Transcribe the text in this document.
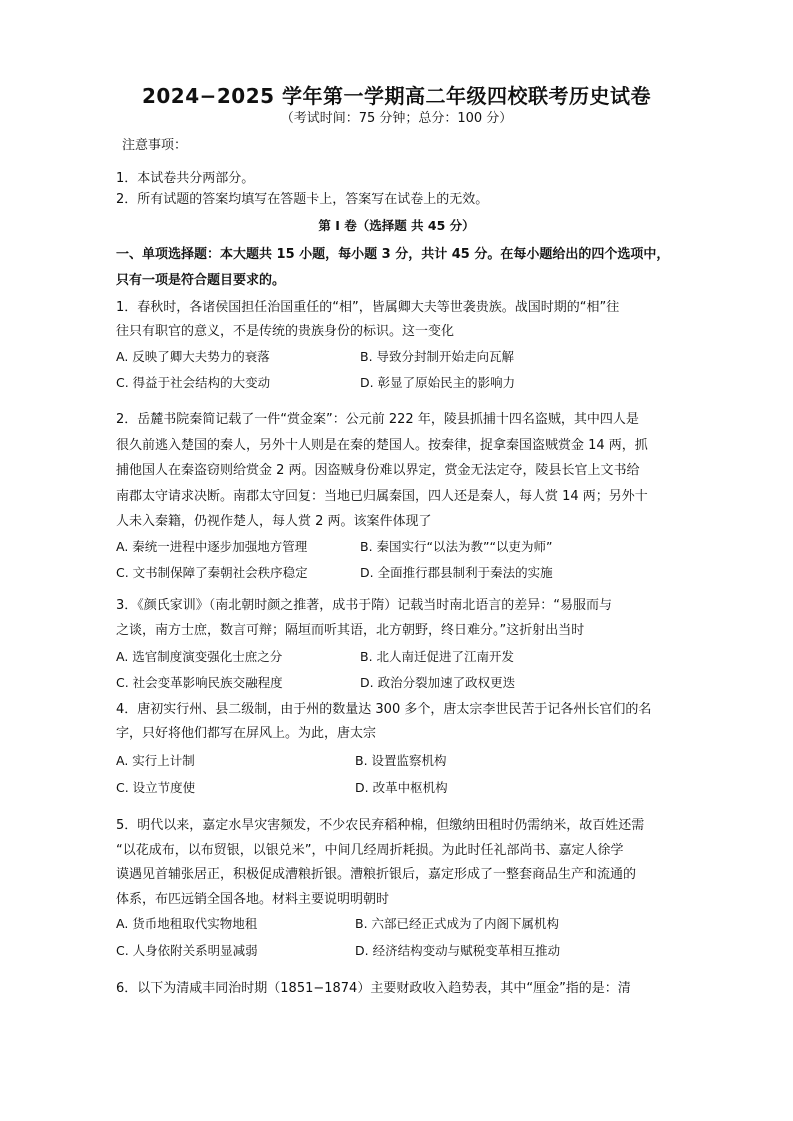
2024−2025 学年第一学期高二年级四校联考历史试卷
（考试时间：75 分钟；总分：100 分）
注意事项：
1．本试卷共分两部分。
2．所有试题的答案均填写在答题卡上，答案写在试卷上的无效。
第 I 卷（选择题 共 45 分）
一、单项选择题：本大题共 15 小题，每小题 3 分，共计 45 分。在每小题给出的四个选项中，
只有一项是符合题目要求的。
1．春秋时，各诸侯国担任治国重任的“相”，皆属卿大夫等世袭贵族。战国时期的“相”往
往只有职官的意义，不是传统的贵族身份的标识。这一变化
A. 反映了卿大夫势力的衰落	B. 导致分封制开始走向瓦解
C. 得益于社会结构的大变动	D. 彰显了原始民主的影响力
2．岳麓书院秦简记载了一件“赏金案”：公元前 222 年，陵县抓捕十四名盗贼，其中四人是
很久前逃入楚国的秦人，另外十人则是在秦的楚国人。按秦律，捉拿秦国盗贼赏金 14 两，抓
捕他国人在秦盗窃则给赏金 2 两。因盗贼身份难以界定，赏金无法定夺，陵县长官上文书给
南郡太守请求决断。南郡太守回复：当地已归属秦国，四人还是秦人，每人赏 14 两；另外十
人未入秦籍，仍视作楚人，每人赏 2 两。该案件体现了
A. 秦统一进程中逐步加强地方管理	B. 秦国实行“以法为教”“以吏为师”
C. 文书制保障了秦朝社会秩序稳定	D. 全面推行郡县制利于秦法的实施
3．《颜氏家训》（南北朝时颜之推著，成书于隋）记载当时南北语言的差异：“易服而与
之谈，南方士庶，数言可辩；隔垣而听其语，北方朝野，终日难分。”这折射出当时
A. 选官制度演变强化士庶之分	B. 北人南迁促进了江南开发
C. 社会变革影响民族交融程度	D. 政治分裂加速了政权更迭
4．唐初实行州、县二级制，由于州的数量达 300 多个，唐太宗李世民苦于记各州长官们的名
字，只好将他们都写在屏风上。为此，唐太宗
A. 实行上计制	B. 设置监察机构
C. 设立节度使	D. 改革中枢机构
5．明代以来，嘉定水旱灾害频发，不少农民弃稻种棉，但缴纳田租时仍需纳米，故百姓还需
“以花成布，以布贸银，以银兑米”，中间几经周折耗损。为此时任礼部尚书、嘉定人徐学
谟遇见首辅张居正，积极促成漕粮折银。漕粮折银后，嘉定形成了一整套商品生产和流通的
体系，布匹远销全国各地。材料主要说明明朝时
A. 货币地租取代实物地租	B. 六部已经正式成为了内阁下属机构
C. 人身依附关系明显减弱	D. 经济结构变动与赋税变革相互推动
6．以下为清咸丰同治时期（1851−1874）主要财政收入趋势表，其中“厘金”指的是：清
